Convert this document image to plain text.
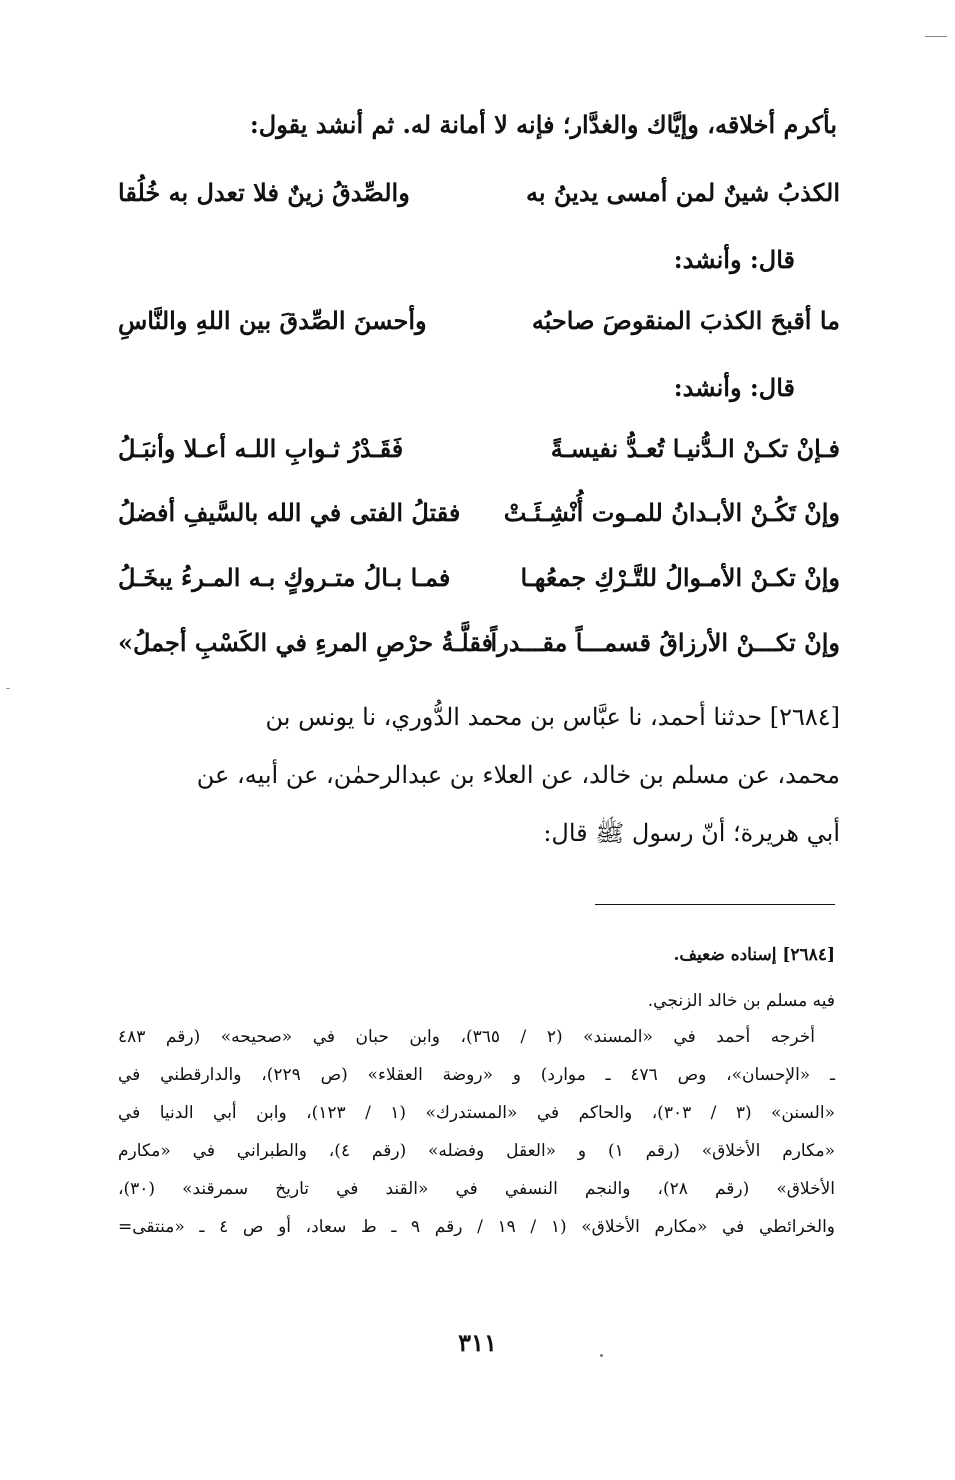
بأكرم أخلاقه، وإيَّاك والغدَّار؛ فإنه لا أمانة له. ثم أنشد يقول:
الكذبُ شينٌ لمن أمسى يدينُ به
والصِّدقُ زينٌ فلا تعدل به خُلُقا
قال: وأنشد:
ما أقبحَ الكذبَ المنقوصَ صاحبُه
وأحسنَ الصِّدقَ بين اللهِ والنَّاسِ
قال: وأنشد:
فـإنْ تكـنْ الـدُّنيـا تُعـدُّ نفيسـةً
فَقَـدْرُ ثـوابِ اللـه أعـلا وأنبَـلُ
وإنْ تَكُـنْ الأبـدانُ للمـوت أُنْشِـئَـتْ
فقتلُ الفتى في الله بالسَّيفِ أفضلُ
وإنْ تكـنْ الأمـوالُ للتَّـرْكِ جمعُهـا
فمـا بـالُ متـروكٍ بـه المـرءُ يبخَـلُ
وإنْ تكـــنْ الأرزاقُ قسمـــاً مقـــدراً
فقلَّـةُ حرْصِ المرءِ في الكَسْبِ أجملُ»

[٢٦٨٤] حدثنا أحمد، نا عبَّاس بن محمد الدُّوري، نا يونس بن

محمد، عن مسلم بن خالد، عن العلاء بن عبدالرحمٰن، عن أبيه، عن

أبي هريرة؛ أنّ رسول ﷺ قال:

[٢٦٨٤] إسناده ضعيف.
فيه مسلم بن خالد الزنجي.
أخرجه أحمد في «المسند» (٢ / ٣٦٥)، وابن حبان في «صحيحه» (رقم ٤٨٣
ـ «الإحسان»، وص ٤٧٦ ـ موارد) و «روضة العقلاء» (ص ٢٢٩)، والدارقطني في
«السنن» (٣ / ٣٠٣)، والحاكم في «المستدرك» (١ / ١٢٣)، وابن أبي الدنيا في
«مكارم الأخلاق» (رقم ١) و «العقل وفضله» (رقم ٤)، والطبراني في «مكارم
الأخلاق» (رقم ٢٨)، والنجم النسفي في «القند في تاريخ سمرقند» (٣٠)،
والخرائطي في «مكارم الأخلاق» (١ / ١٩ / رقم ٩ ـ ط سعاد، أو ص ٤ ـ «منتقى=
٣١١
